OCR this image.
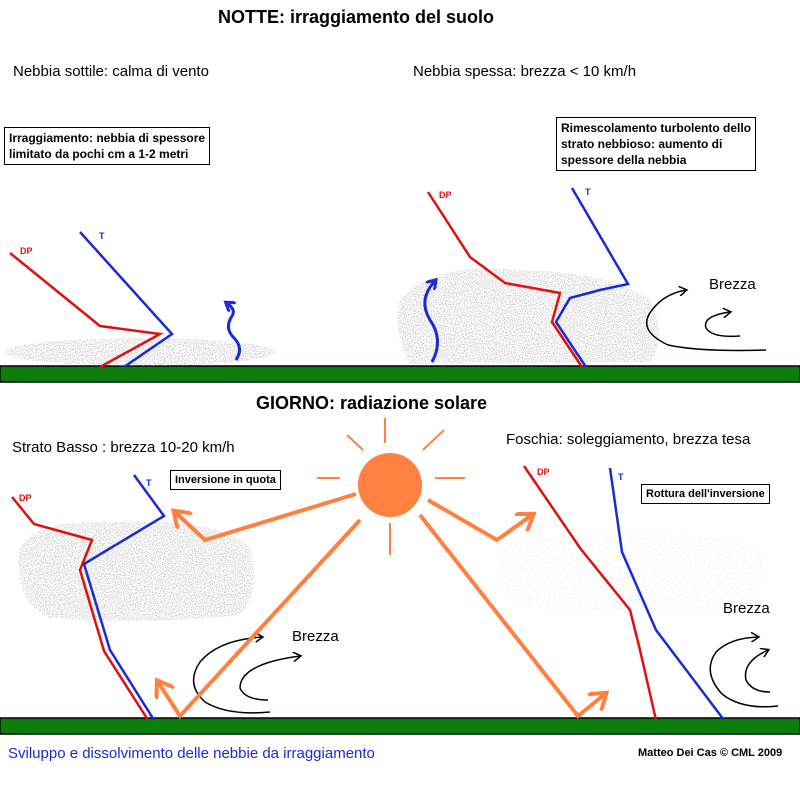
NOTTE: irraggiamento del suolo
GIORNO: radiazione solare
Nebbia sottile: calma di vento	Nebbia spessa: brezza < 10 km/h
Strato Basso : brezza 10-20 km/h	Foschia: soleggiamento, brezza tesa
Irraggiamento: nebbia di spessore
limitato da pochi cm a 1-2 metri
Rimescolamento turbolento dello
strato nebbioso: aumento di
spessore della nebbia
Inversione in quota
Rottura dell'inversione
DP
T
DP	T
DP
T
DP	T
Brezza
Brezza
Brezza
Sviluppo e dissolvimento delle nebbie da irraggiamento	Matteo Dei Cas © CML 2009
